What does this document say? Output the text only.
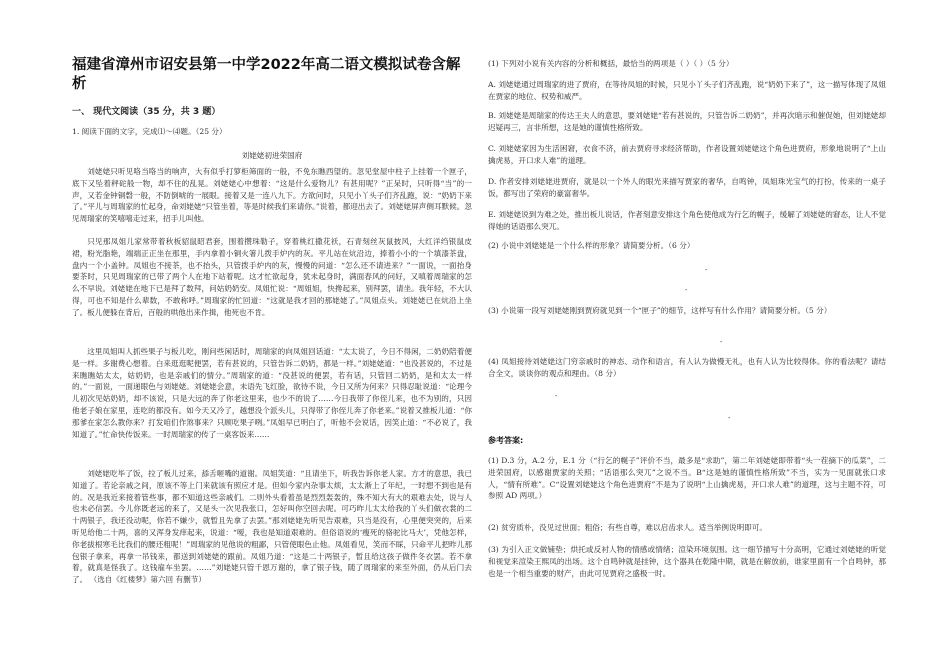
福建省漳州市诏安县第一中学2022年高二语文模拟试卷含解析
一、 现代文阅读（35 分，共 3 题）
1. 阅读下面的文字，完成⑴～⑷题。（25 分）
刘姥姥初进荣国府
刘姥姥只听见咯当咯当的响声，大有似乎打箩柜筛面的一般，不免东瞧西望的。忽见堂屋中柱子上挂着一个匣子，底下又坠着秤砣般一物，却不住的乱晃。刘姥姥心中想着：“这是什么爱物儿？有甚用呢？”正呆时，只听得“当”的一声，又若金钟铜磬一般，不防倒唬的一展眼。接着又是一连八九下。方欲问时，只见小丫头子们齐乱跑，说：“奶奶下来了。”平儿与周瑞家的忙起身，命刘姥姥“只管坐着，等是时候我们来请你。”说着，都迎出去了。刘姥姥屏声侧耳默候。忽见周瑞家的笑嘻嘻走过来，招手儿叫他。
只见那凤姐儿家常带着秋板貂鼠昭君套，围着攒珠勒子，穿着桃红撒花袄，石青刻丝灰鼠披风，大红洋绉银鼠皮裙，粉光脂艳，端端正正坐在那里，手内拿着小铜火箸儿拨手炉内的灰。平儿站在炕沿边，捧着小小的一个填漆茶盘，盘内一个小盖钟。凤姐也不接茶，也不抬头，只管拨手炉内的灰，慢慢的问道：“怎么还不请进来？”一面说，一面抬身要茶时，只见周瑞家的已带了两个人在地下站着呢。这才忙欲起身，犹未起身时，满面春风的问好，又嗔着周瑞家的怎么不早说。刘姥姥在地下已是拜了数拜，问姑奶奶安。凤姐忙说：“周姐姐，快搀起来，别拜罢，请坐。我年轻，不大认得，可也不知是什么辈数，不敢称呼。”周瑞家的忙回道：“这就是我才回的那姥姥了。”凤姐点头。刘姥姥已在炕沿上坐了。板儿便躲在背后，百般的哄他出来作揖，他死也不肯。
这里凤姐叫人抓些果子与板儿吃，刚问些闲话时，周瑞家的向凤姐回话道：“太太说了，今日不得闲，二奶奶陪着便是一样。多谢费心想着。白来逛逛呢便罢，若有甚说的，只管告诉二奶奶，都是一样。”刘姥姥道：“也没甚说的，不过是来瞧瞧姑太太，姑奶奶，也是亲戚们的情分。”周瑞家的道：“没甚说的便罢，若有话，只管回二奶奶，是和太太一样的。”一面说，一面递眼色与刘姥姥。刘姥姥会意，未语先飞红脸，欲待不说，今日又所为何来？只得忍耻说道：“论理今儿初次见姑奶奶，却不该说，只是大远的奔了你老这里来，也少不的说了……今日我带了你侄儿来，也不为别的，只因他老子娘在家里，连吃的都没有。如今天又冷了，越想没个派头儿，只得带了你侄儿奔了你老来。”说着又推板儿道：“你那爹在家怎么教你来？打发咱们作煞事来？只顾吃果子咧。”凤姐早已明白了，听他不会说话，因笑止道：“不必说了，我知道了。”忙命快传饭来。一时周瑞家的传了一桌客饭来……
刘姥姥吃毕了饭，拉了板儿过来，舔舌咂嘴的道谢。凤姐笑道：“且请坐下，听我告诉你老人家。方才的意思，我已知道了。若论亲戚之间，原该不等上门来就该有照应才是。但如今家内杂事太烦，太太渐上了年纪，一时想不到也是有的。况是我近来接着管些事，都不知道这些亲戚们。二则外头看着虽是烈烈轰轰的，殊不知大有大的艰难去处，说与人也未必信罢。今儿你既老远的来了，又是头一次见我张口，怎好叫你空回去呢。可巧昨儿太太给我的丫头们做衣裳的二十两银子，我还没动呢，你若不嫌少，就暂且先拿了去罢。”那刘姥姥先听见告艰难，只当是没有，心里便突突的，后来听见给他二十两，喜的又浑身发痒起来，说道：“嗳，我也是知道艰难的。但俗语说的‘瘦死的骆驼比马大’，凭他怎样，你老拔根寒毛比我们的腰还粗呢！”周瑞家的见他说的粗鄙，只管使眼色止他。凤姐看见，笑而不睬，只命平儿把昨儿那包银子拿来，再拿一吊钱来，都送到刘姥姥的跟前。凤姐乃道：“这是二十两银子，暂且给这孩子做件冬衣罢。若不拿着，就真是怪我了。这钱雇车坐罢。……”刘姥姥只管千恩万谢的，拿了银子钱，随了周瑞家的来至外面，仍从后门去了。 （选自《红楼梦》第六回 有删节）
(1) 下列对小说有关内容的分析和概括，最恰当的两项是（ ）（ ）（5 分）
A. 刘姥姥通过周瑞家的进了贾府，在等待凤姐的时候，只见小丫头子们齐乱跑，说“奶奶下来了”，这一描写体现了凤姐在贾家的地位、权势和威严。
B. 刘姥姥是周瑞家的传达王夫人的意思，要刘姥姥“若有甚说的，只管告诉二奶奶”，并再次暗示和催促她，但刘姥姥却迟疑再三，言非所想，这是她的谨慎性格所致。
C. 刘姥姥家因为生活困窘，衣食不济，前去贾府寻求经济帮助，作者设置刘姥姥这个角色进贾府，形象地说明了“上山擒虎易，开口求人难”的道理。
D. 作者安排刘姥姥进贾府，就是以一个外人的眼光来描写贾家的奢华，自鸣钟，凤姐珠光宝气的打扮，传来的一桌子饭，都写出了荣府的豪富奢华。
E. 刘姥姥说到为难之处，推出板儿说话，作者刻意安排这个角色使他成为行乞的幌子，缓解了刘姥姥的窘态，让人不觉得她的话语那么突兀。
(2) 小说中刘姥姥是一个什么样的形象？请简要分析。（6 分）
-
-
(3) 小说第一段写刘姥姥刚到贾府就见到一个“匣子”的细节，这样写有什么作用？请简要分析。（5 分）
-
(4) 凤姐接待刘姥姥这门穷亲戚时的神态、动作和语言，有人认为做慢无礼，也有人认为比较得体。你的看法呢？请结合全文，谈谈你的观点和理由。（8 分）
-
-
参考答案:
(1) D.3 分，A.2 分，E.1 分（“行乞的幌子”评价不当，最多是“求助”，第二年刘姥姥即带着“头一茬摘下的瓜菜”，二进荣国府，以感谢贾家的关照；“话语那么突兀”之说不当。B“这是她的谨慎性格所致”不当，实为一见面就张口求人，“情有所难”。C“设置刘姥姥这个角色进贾府”不是为了说明“上山擒虎易，开口求人难”的道理，这与主题不符，可参照 AD 两项。）
(2) 贫穷质朴，没见过世面；粗俗；有些自尊，难以启齿求人。适当举例说明即可。
(3) 为引入正文做铺垫；烘托或反衬人物的情感或情绪；渲染环境氛围。这一细节描写十分高明，它通过刘姥姥的听觉和视觉来渲染王熙凤的出场。这个自鸣钟就是挂钟，这个器具在乾隆中期，就是在解放前，谁家里面有一个自鸣钟，那也是一个相当重要的财产，由此可见贾府之盛极一时。
